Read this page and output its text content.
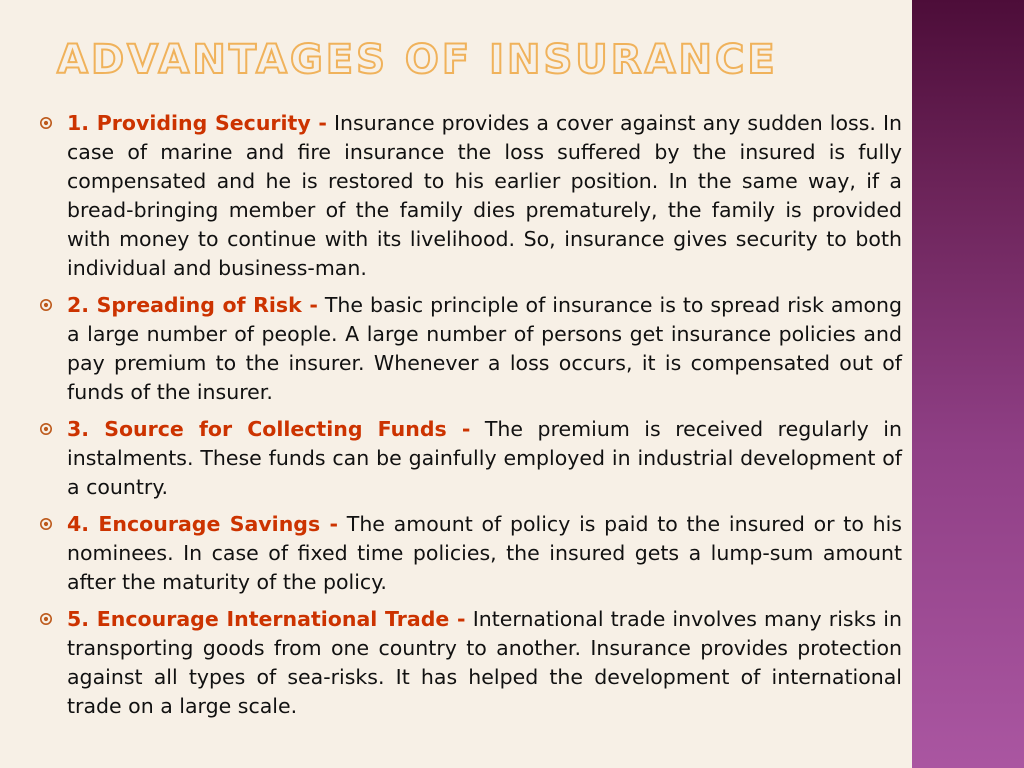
ADVANTAGES OF INSURANCE
1. Providing Security - Insurance provides a cover against any sudden loss. In case of marine and fire insurance the loss suffered by the insured is fully compensated and he is restored to his earlier position. In the same way, if a bread-bringing member of the family dies prematurely, the family is provided with money to continue with its livelihood. So, insurance gives security to both individual and business-man.
2. Spreading of Risk - The basic principle of insurance is to spread risk among a large number of people. A large number of persons get insurance policies and pay premium to the insurer. Whenever a loss occurs, it is compensated out of funds of the insurer.
3. Source for Collecting Funds - The premium is received regularly in instalments. These funds can be gainfully employed in industrial development of a country.
4. Encourage Savings - The amount of policy is paid to the insured or to his nominees. In case of fixed time policies, the insured gets a lump-sum amount after the maturity of the policy.
5. Encourage International Trade - International trade involves many risks in transporting goods from one country to another. Insurance provides protection against all types of sea-risks. It has helped the development of international trade on a large scale.
